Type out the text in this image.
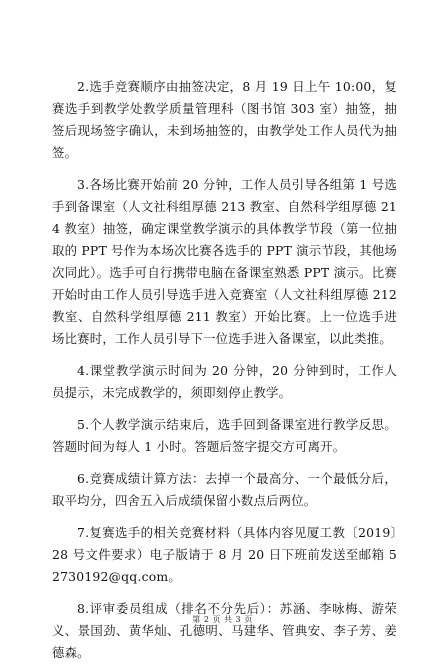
2.选手竞赛顺序由抽签决定，8 月 19 日上午 10:00，复赛选手到教学处教学质量管理科（图书馆 303 室）抽签，抽签后现场签字确认，未到场抽签的，由教学处工作人员代为抽签。

3.各场比赛开始前 20 分钟，工作人员引导各组第 1 号选手到备课室（人文社科组厚德 213 教室、自然科学组厚德 214 教室）抽签，确定课堂教学演示的具体教学节段（第一位抽取的 PPT 号作为本场次比赛各选手的 PPT 演示节段，其他场次同此）。选手可自行携带电脑在备课室熟悉 PPT 演示。比赛开始时由工作人员引导选手进入竞赛室（人文社科组厚德 212 教室、自然科学组厚德 211 教室）开始比赛。上一位选手进场比赛时，工作人员引导下一位选手进入备课室，以此类推。

4.课堂教学演示时间为 20 分钟，20 分钟到时，工作人员提示，未完成教学的，须即刻停止教学。

5.个人教学演示结束后，选手回到备课室进行教学反思。答题时间为每人 1 小时。答题后签字提交方可离开。

6.竞赛成绩计算方法：去掉一个最高分、一个最低分后，取平均分，四舍五入后成绩保留小数点后两位。

7.复赛选手的相关竞赛材料（具体内容见厦工教〔2019〕28 号文件要求）电子版请于 8 月 20 日下班前发送至邮箱 52730192@qq.com。

8.评审委员组成（排名不分先后）：苏涵、李咏梅、游荣义、景国劲、黄华灿、孔德明、马建华、管典安、李子芳、姜德森。

第 2 页 共 3 页
